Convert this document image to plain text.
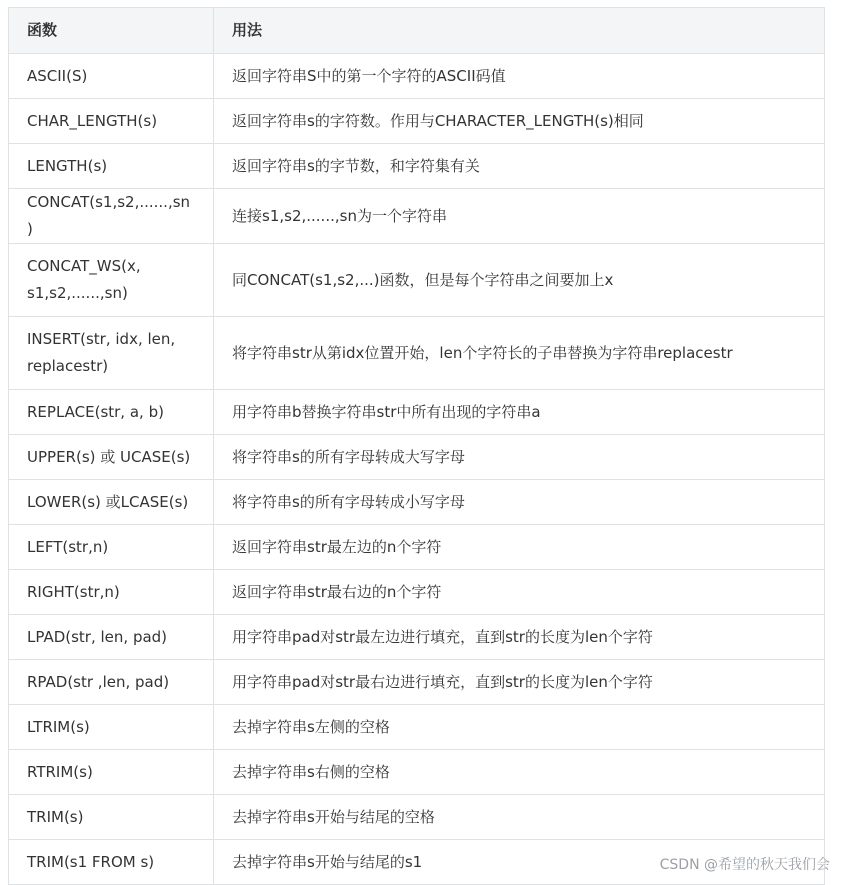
函数	用法
ASCII(S)	返回字符串S中的第一个字符的ASCII码值
CHAR_LENGTH(s)	返回字符串s的字符数。作用与CHARACTER_LENGTH(s)相同
LENGTH(s)	返回字符串s的字节数，和字符集有关
CONCAT(s1,s2,......,sn)	连接s1,s2,......,sn为一个字符串
CONCAT_WS(x, s1,s2,......,sn)	同CONCAT(s1,s2,...)函数，但是每个字符串之间要加上x
INSERT(str, idx, len, replacestr)	将字符串str从第idx位置开始，len个字符长的子串替换为字符串replacestr
REPLACE(str, a, b)	用字符串b替换字符串str中所有出现的字符串a
UPPER(s) 或 UCASE(s)	将字符串s的所有字母转成大写字母
LOWER(s) 或LCASE(s)	将字符串s的所有字母转成小写字母
LEFT(str,n)	返回字符串str最左边的n个字符
RIGHT(str,n)	返回字符串str最右边的n个字符
LPAD(str, len, pad)	用字符串pad对str最左边进行填充，直到str的长度为len个字符
RPAD(str ,len, pad)	用字符串pad对str最右边进行填充，直到str的长度为len个字符
LTRIM(s)	去掉字符串s左侧的空格
RTRIM(s)	去掉字符串s右侧的空格
TRIM(s)	去掉字符串s开始与结尾的空格
TRIM(s1 FROM s)	去掉字符串s开始与结尾的s1	CSDN @希望的秋天我们会
